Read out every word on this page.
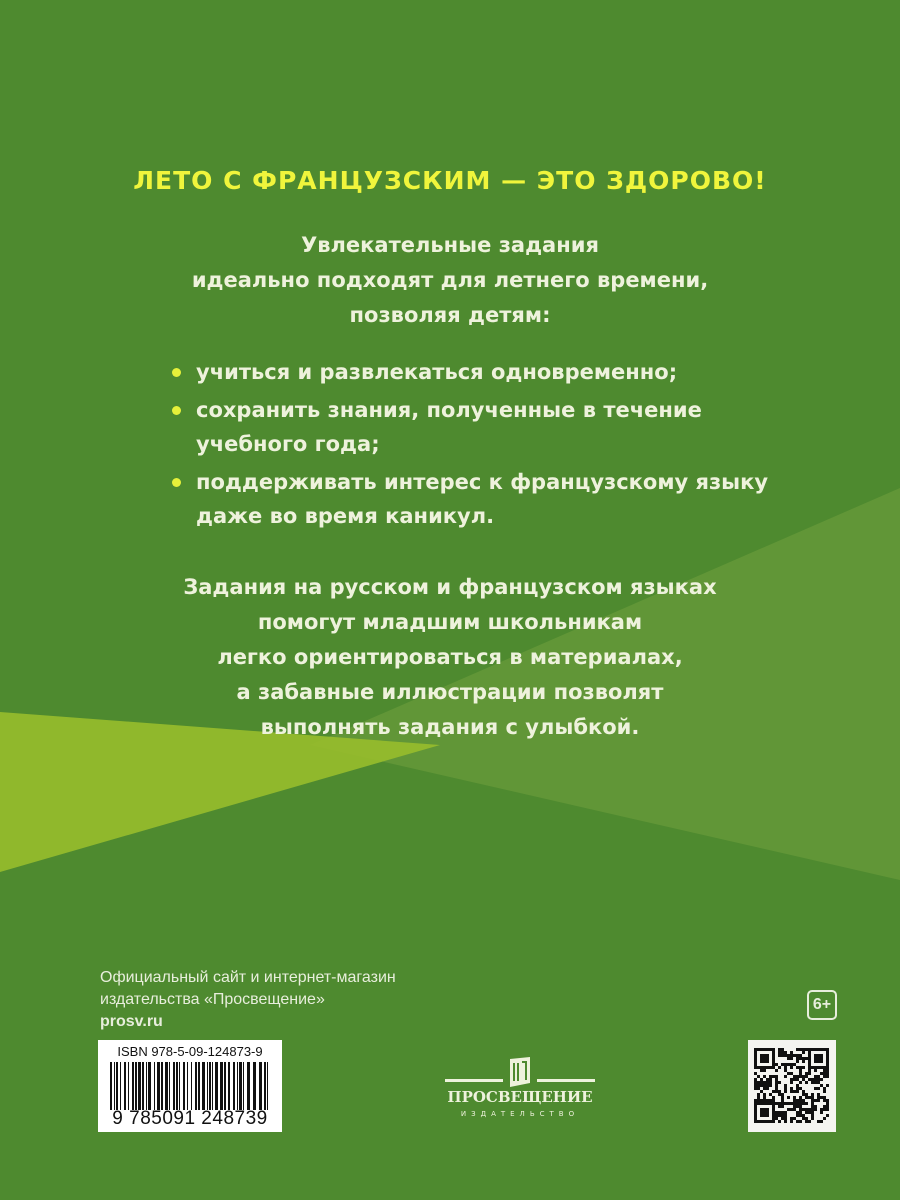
ЛЕТО С ФРАНЦУЗСКИМ — ЭТО ЗДОРОВО!
Увлекательные задания
идеально подходят для летнего времени,
позволяя детям:
учиться и развлекаться одновременно;
сохранить знания, полученные в течение
учебного года;
поддерживать интерес к французскому языку
даже во время каникул.
Задания на русском и французском языках
помогут младшим школьникам
легко ориентироваться в материалах,
а забавные иллюстрации позволят
выполнять задания с улыбкой.
Официальный сайт и интернет-магазин
издательства «Просвещение»
prosv.ru
6+
ISBN 978-5-09-124873-9
9 785091 248739
ПРОСВЕЩЕНИЕ
ИЗДАТЕЛЬСТВО
